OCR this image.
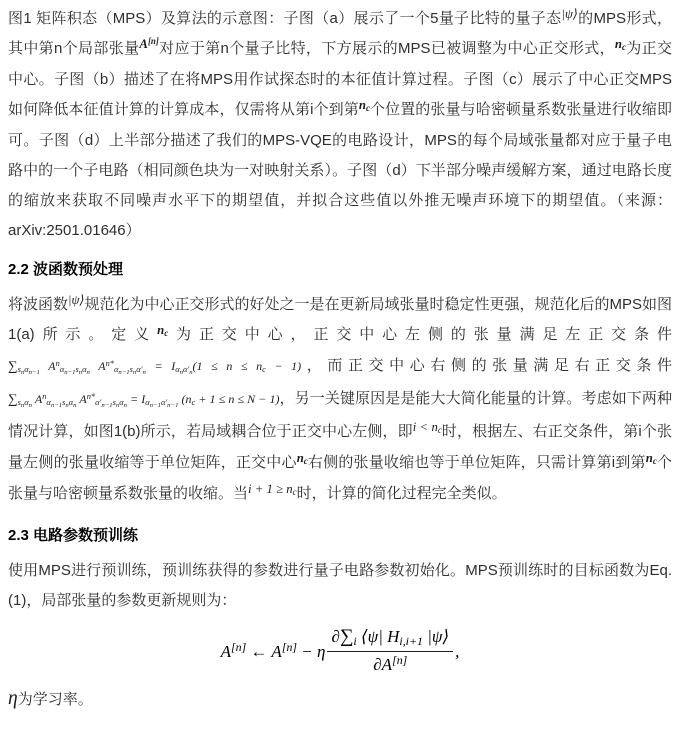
图1 矩阵积态（MPS）及算法的示意图：子图（a）展示了一个5量子比特的量子态$^{|\psi⟩}$的MPS形式，其中第n个局部张量$^{A^{[n]}}$对应于第n个量子比特，下方展示的MPS已被调整为中心正交形式，$^{nc}$为正交中心。子图（b）描述了在将MPS用作试探态时的本征值计算过程。子图（c）展示了中心正交MPS如何降低本征值计算的计算成本，仅需将从第i个到第$^{nc}$个位置的张量与哈密顿量系数张量进行收缩即可。子图（d）上半部分描述了我们的MPS-VQE的电路设计，MPS的每个局域张量都对应于量子电路中的一个子电路（相同颜色块为一对映射关系）。子图（d）下半部分噪声缓解方案，通过电路长度的缩放来获取不同噪声水平下的期望值，并拟合这些值以外推无噪声环境下的期望值。（来源：arXiv:2501.01646）

2.2 波函数预处理

将波函数$^{|\psi⟩}$规范化为中心正交形式的好处之一是在更新局域张量时稳定性更强，规范化后的MPS如图1(a)所示。定义$^{nc}$为正交中心，正交中心左侧的张量满足左正交条件$\sum s_n\alpha_{n-1}$ $A^n\alpha_{n-1}s_n\alpha_n$ $A^{n*}\alpha_{n-1}s_n\alpha'_n = I\alpha_n\alpha'_n(1 \le n$ ≤ nc − 1)，而正交中心右侧的张量满足右正交条件$\sum s_n\alpha_n$ $A^n\alpha_{n-1}s_n\alpha_n$ $A^{n*}\alpha'_{n-1}s_n\alpha_n = I\alpha_{n-1}\alpha'_{n-1}$ (nc + 1 ≤ n ≤ N − 1)，另一关键原因是是能大大简化能量的计算。考虑如下两种情况计算，如图1(b)所示，若局域耦合位于正交中心左侧，即$^{i < nc}$时，根据左、右正交条件，第i个张量左侧的张量收缩等于单位矩阵，正交中心$^{nc}$右侧的张量收缩也等于单位矩阵，只需计算第i到第$^{nc}$个张量与哈密顿量系数张量的收缩。当$^{i + 1 \ge nc}$时，计算的简化过程完全类似。

2.3 电路参数预训练

使用MPS进行预训练，预训练获得的参数进行量子电路参数初始化。MPS预训练时的目标函数为Eq.(1)，局部张量的参数更新规则为：

A[n] ← A[n] − η $\frac{\partial\sum i ⟨\psi| Hi,i+1 |\psi⟩}{\partial A^{[n]}}$ ,

η为学习率。
